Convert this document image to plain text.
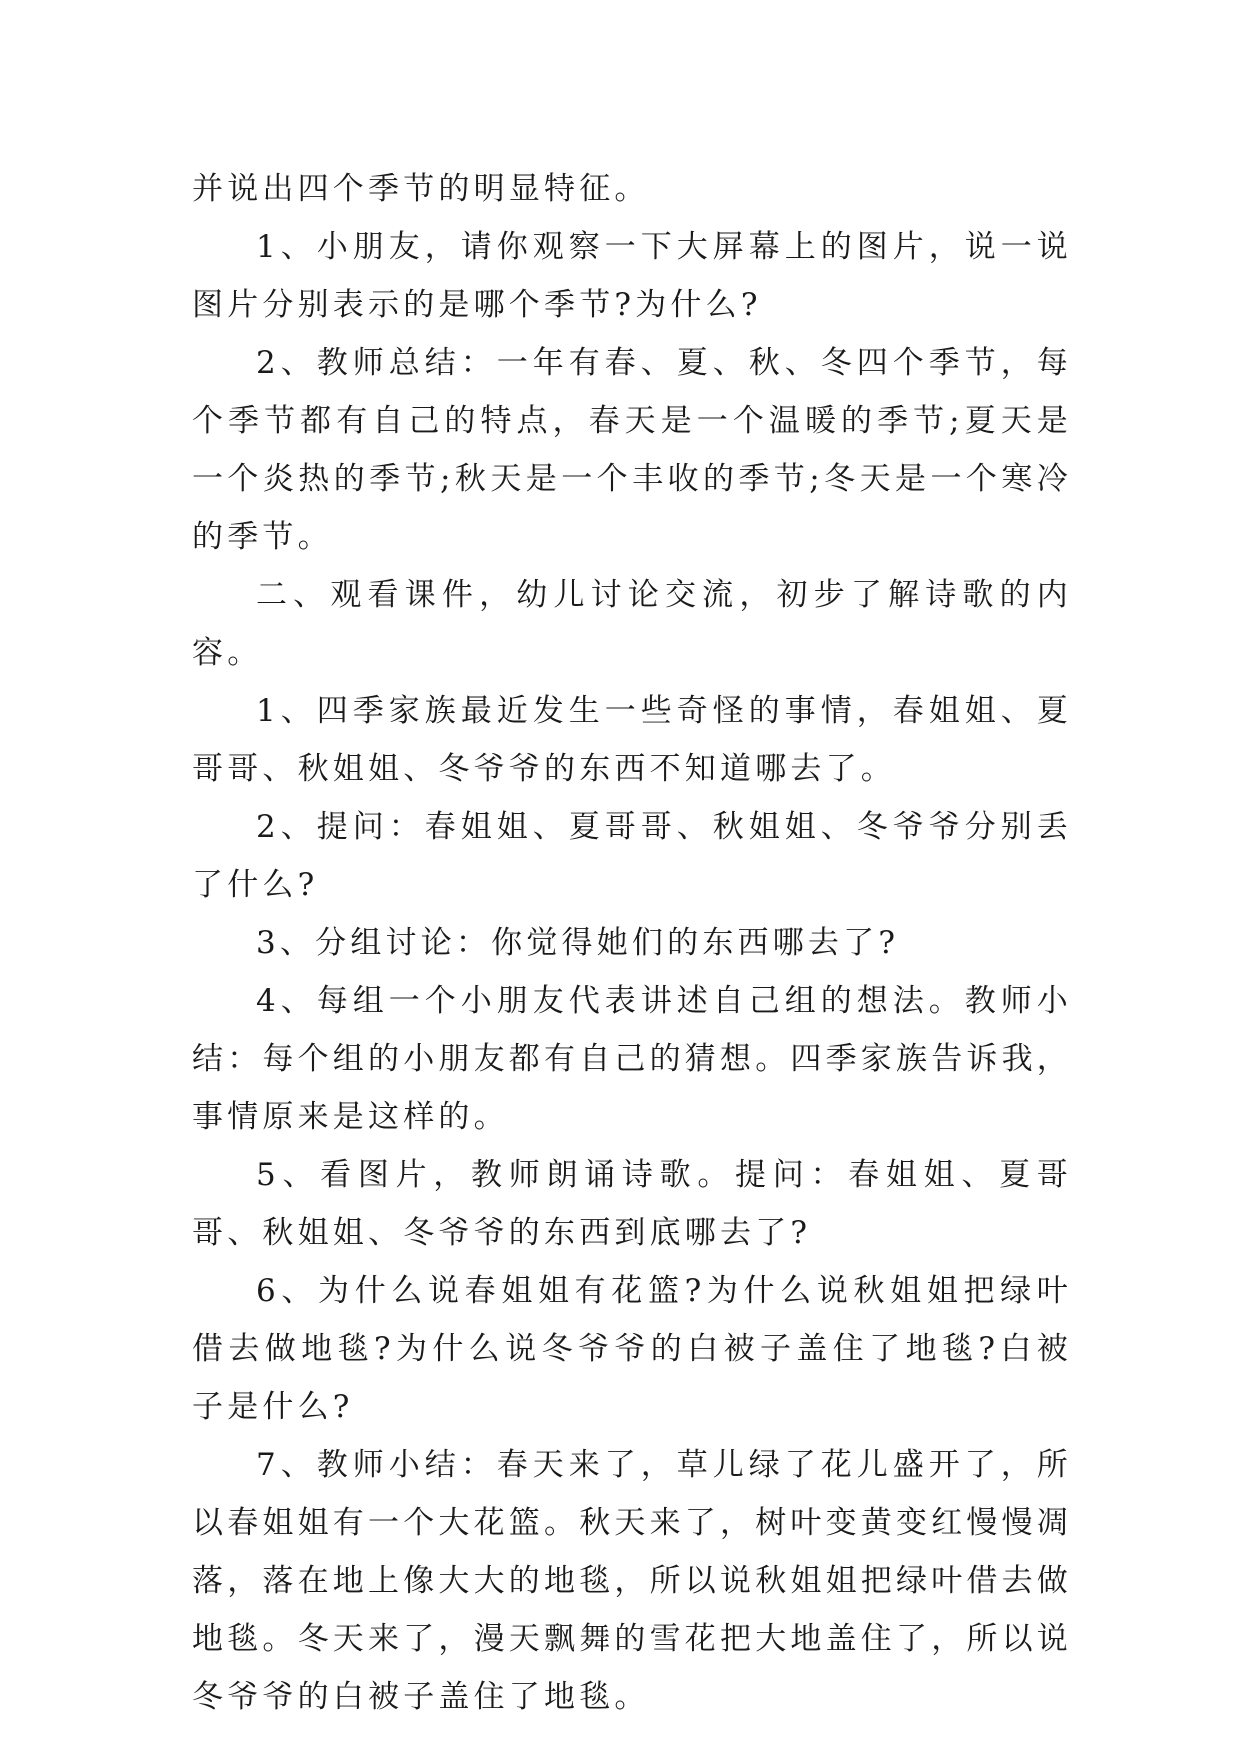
并说出四个季节的明显特征。

1、小朋友，请你观察一下大屏幕上的图片，说一说图片分别表示的是哪个季节?为什么?

2、教师总结：一年有春、夏、秋、冬四个季节，每个季节都有自己的特点，春天是一个温暖的季节;夏天是一个炎热的季节;秋天是一个丰收的季节;冬天是一个寒冷的季节。

二、观看课件，幼儿讨论交流，初步了解诗歌的内容。

1、四季家族最近发生一些奇怪的事情，春姐姐、夏哥哥、秋姐姐、冬爷爷的东西不知道哪去了。

2、提问：春姐姐、夏哥哥、秋姐姐、冬爷爷分别丢了什么?

3、分组讨论：你觉得她们的东西哪去了?

4、每组一个小朋友代表讲述自己组的想法。教师小结：每个组的小朋友都有自己的猜想。四季家族告诉我，事情原来是这样的。

5、看图片，教师朗诵诗歌。提问：春姐姐、夏哥哥、秋姐姐、冬爷爷的东西到底哪去了?

6、为什么说春姐姐有花篮?为什么说秋姐姐把绿叶借去做地毯?为什么说冬爷爷的白被子盖住了地毯?白被子是什么?

7、教师小结：春天来了，草儿绿了花儿盛开了，所以春姐姐有一个大花篮。秋天来了，树叶变黄变红慢慢凋落，落在地上像大大的地毯，所以说秋姐姐把绿叶借去做地毯。冬天来了，漫天飘舞的雪花把大地盖住了，所以说冬爷爷的白被子盖住了地毯。
